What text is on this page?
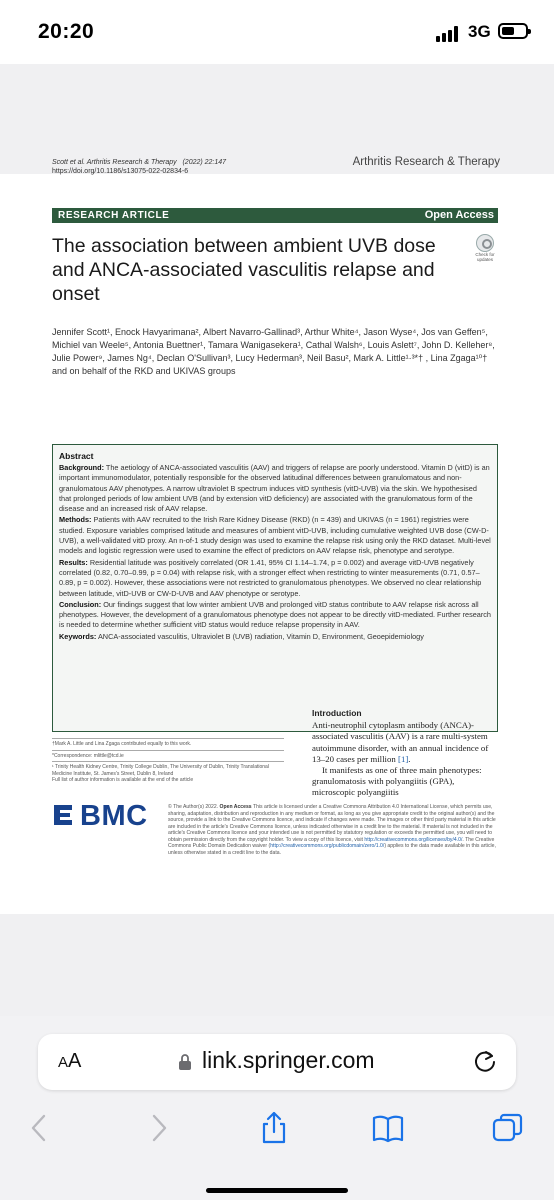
20:20	3G
Scott et al. Arthritis Research & Therapy (2022) 22:147
https://doi.org/10.1186/s13075-022-02834-6
Arthritis Research & Therapy
RESEARCH ARTICLE	Open Access
The association between ambient UVB dose and ANCA-associated vasculitis relapse and onset
Check for updates
Jennifer Scott¹, Enock Havyarimana², Albert Navarro-Gallinad³, Arthur White⁴, Jason Wyse⁴, Jos van Geffen⁵, Michiel van Weele⁵, Antonia Buettner¹, Tamara Wanigasekera¹, Cathal Walsh⁶, Louis Aslett⁷, John D. Kelleher⁸, Julie Power⁹, James Ng⁴, Declan O'Sullivan³, Lucy Hederman³, Neil Basu², Mark A. Little¹·³*† , Lina Zgaga¹⁰† and on behalf of the RKD and UKIVAS groups
Abstract

Background: The aetiology of ANCA-associated vasculitis (AAV) and triggers of relapse are poorly understood. Vitamin D (vitD) is an important immunomodulator, potentially responsible for the observed latitudinal differences between granulomatous and non-granulomatous AAV phenotypes. A narrow ultraviolet B spectrum induces vitD synthesis (vitD-UVB) via the skin. We hypothesised that prolonged periods of low ambient UVB (and by extension vitD deficiency) are associated with the granulomatous form of the disease and an increased risk of AAV relapse.

Methods: Patients with AAV recruited to the Irish Rare Kidney Disease (RKD) (n = 439) and UKIVAS (n = 1961) registries were studied. Exposure variables comprised latitude and measures of ambient vitD-UVB, including cumulative weighted UVB dose (CW-D-UVB), a well-validated vitD proxy. An n-of-1 study design was used to examine the relapse risk using only the RKD dataset. Multi-level models and logistic regression were used to examine the effect of predictors on AAV relapse risk, phenotype and serotype.

Results: Residential latitude was positively correlated (OR 1.41, 95% CI 1.14–1.74, p = 0.002) and average vitD-UVB negatively correlated (0.82, 0.70–0.99, p = 0.04) with relapse risk, with a stronger effect when restricting to winter measurements (0.71, 0.57–0.89, p = 0.002). However, these associations were not restricted to granulomatous phenotypes. We observed no clear relationship between latitude, vitD-UVB or CW-D-UVB and AAV phenotype or serotype.

Conclusion: Our findings suggest that low winter ambient UVB and prolonged vitD status contribute to AAV relapse risk across all phenotypes. However, the development of a granulomatous phenotype does not appear to be directly vitD-mediated. Further research is needed to determine whether sufficient vitD status would reduce relapse propensity in AAV.

Keywords: ANCA-associated vasculitis, Ultraviolet B (UVB) radiation, Vitamin D, Environment, Geoepidemiology

†Mark A. Little and Lina Zgaga contributed equally to this work.
*Correspondence: mlittle@tcd.ie
¹ Trinity Health Kidney Centre, Trinity College Dublin, The University of Dublin, Trinity Translational Medicine Institute, St. James's Street, Dublin 8, Ireland
Full list of author information is available at the end of the article
Introduction

Anti-neutrophil cytoplasm antibody (ANCA)-associated vasculitis (AAV) is a rare multi-system autoimmune disorder, with an annual incidence of 13–20 cases per million [1].

It manifests as one of three main phenotypes: granulomatosis with polyangiitis (GPA), microscopic polyangiitis

BMC	© The Author(s) 2022. Open Access This article is licensed under a Creative Commons Attribution 4.0 International License, which permits use, sharing, adaptation, distribution and reproduction in any medium or format, as long as you give appropriate credit to the original author(s) and the source, provide a link to the Creative Commons licence, and indicate if changes were made. The images or other third party material in this article are included in the article's Creative Commons licence, unless indicated otherwise in a credit line to the material. If material is not included in the article's Creative Commons licence and your intended use is not permitted by statutory regulation or exceeds the permitted use, you will need to obtain permission directly from the copyright holder. To view a copy of this licence, visit http://creativecommons.org/licenses/by/4.0/. The Creative Commons Public Domain Dedication waiver (http://creativecommons.org/publicdomain/zero/1.0/) applies to the data made available in this article, unless otherwise stated in a credit line to the data.
AA	link.springer.com
